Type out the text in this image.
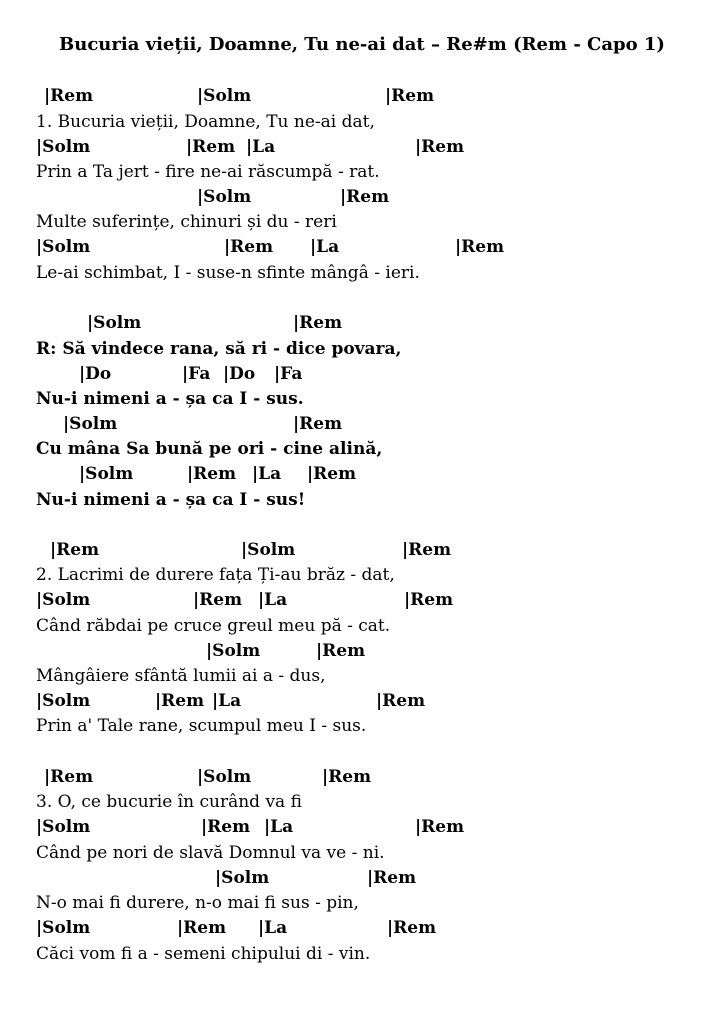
Bucuria vieții, Doamne, Tu ne-ai dat – Re#m (Rem - Capo 1)
|Rem	|Solm	|Rem
1. Bucuria vieții, Doamne, Tu ne-ai dat,
|Solm	|Rem |La	|Rem
Prin a Ta jert - fire ne-ai răscumpă - rat.
|Solm	|Rem
Multe suferințe, chinuri și du - reri
|Solm	|Rem |La	|Rem
Le-ai schimbat, I - suse-n sfinte mângâ - ieri.
|Solm	|Rem
R: Să vindece rana, să ri - dice povara,
|Do	|Fa |Do |Fa
Nu-i nimeni a - șa ca I - sus.
|Solm	|Rem
Cu mâna Sa bună pe ori - cine alină,
|Solm	|Rem |La |Rem
Nu-i nimeni a - șa ca I - sus!
|Rem	|Solm	|Rem
2. Lacrimi de durere fața Ți-au brăz - dat,
|Solm	|Rem |La	|Rem
Când răbdai pe cruce greul meu pă - cat.
|Solm	|Rem
Mângâiere sfântă lumii ai a - dus,
|Solm	|Rem |La	|Rem
Prin a' Tale rane, scumpul meu I - sus.
|Rem	|Solm	|Rem
3. O, ce bucurie în curând va fi
|Solm	|Rem |La	|Rem
Când pe nori de slavă Domnul va ve - ni.
|Solm	|Rem
N-o mai fi durere, n-o mai fi sus - pin,
|Solm	|Rem |La	|Rem
Căci vom fi a - semeni chipului di - vin.
